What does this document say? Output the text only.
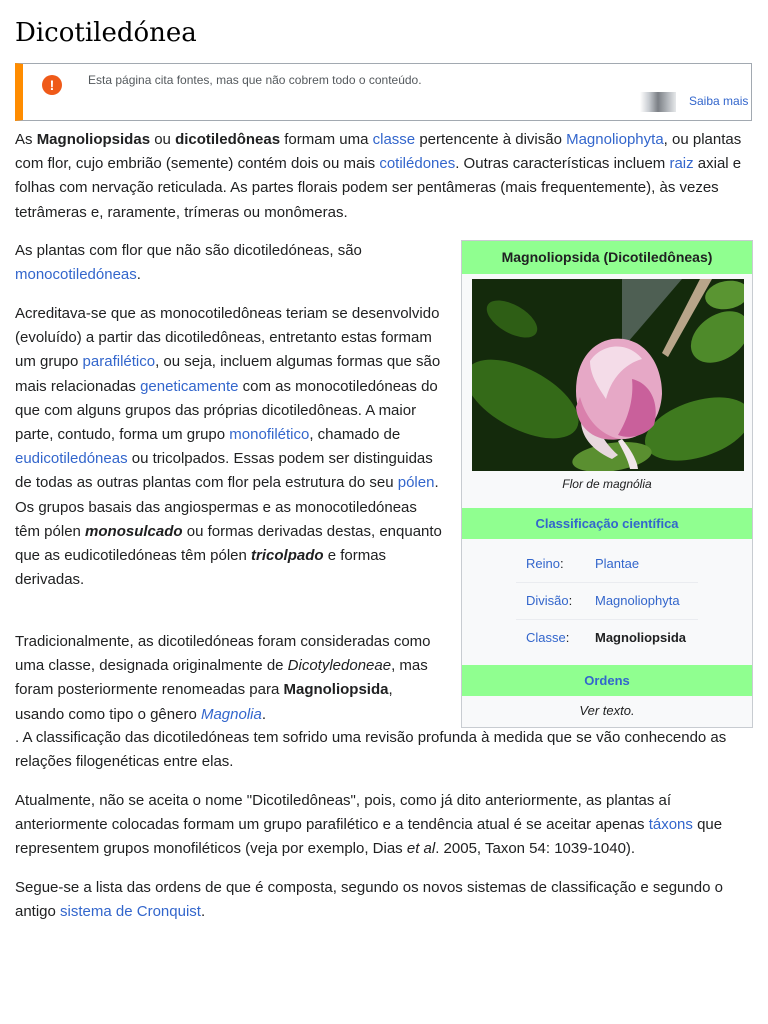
Dicotiledónea
!	Esta página cita fontes, mas que não cobrem todo o conteúdo.
Saiba mais

As Magnoliopsidas ou dicotiledôneas formam uma classe pertencente à divisão Magnoliophyta, ou plantas com flor, cujo embrião (semente) contém dois ou mais cotilédones. Outras características incluem raiz axial e folhas com nervação reticulada. As partes florais podem ser pentâmeras (mais frequentemente), às vezes tetrâmeras e, raramente, trímeras ou monômeras.

As plantas com flor que não são dicotiledóneas, são monocotiledóneas.

Acreditava-se que as monocotiledôneas teriam se desenvolvido (evoluído) a partir das dicotiledôneas, entretanto estas formam um grupo parafilético, ou seja, incluem algumas formas que são mais relacionadas geneticamente com as monocotiledóneas do que com alguns grupos das próprias dicotiledôneas. A maior parte, contudo, forma um grupo monofilético, chamado de eudicotiledóneas ou tricolpados. Essas podem ser distinguidas de todas as outras plantas com flor pela estrutura do seu pólen. Os grupos basais das angiospermas e as monocotiledóneas têm pólen monosulcado ou formas derivadas destas, enquanto que as eudicotiledóneas têm pólen tricolpado e formas derivadas.

Tradicionalmente, as dicotiledóneas foram consideradas como uma classe, designada originalmente de Dicotyledoneae, mas foram posteriormente renomeadas para Magnoliopsida, usando como tipo o gênero Magnolia.

. A classificação das dicotiledóneas tem sofrido uma revisão profunda à medida que se vão conhecendo as relações filogenéticas entre elas.

Atualmente, não se aceita o nome "Dicotiledôneas", pois, como já dito anteriormente, as plantas aí anteriormente colocadas formam um grupo parafilético e a tendência atual é se aceitar apenas táxons que representem grupos monofiléticos (veja por exemplo, Dias et al. 2005, Taxon 54: 1039-1040).

Segue-se a lista das ordens de que é composta, segundo os novos sistemas de classificação e segundo o antigo sistema de Cronquist.

Magnoliopsida (Dicotiledôneas)
Flor de magnólia
Classificação científica
Reino: Plantae
Divisão: Magnoliophyta
Classe: Magnoliopsida
Ordens
Ver texto.
